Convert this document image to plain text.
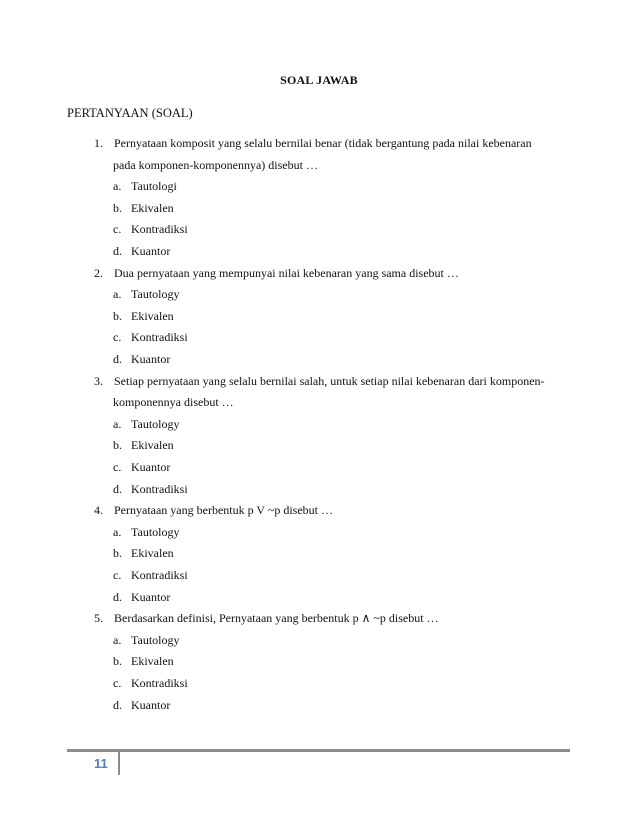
SOAL JAWAB
PERTANYAAN (SOAL)
1. Pernyataan komposit yang selalu bernilai benar (tidak bergantung pada nilai kebenaran
pada komponen-komponennya) disebut …
a. Tautologi
b. Ekivalen
c. Kontradiksi
d. Kuantor
2. Dua pernyataan yang mempunyai nilai kebenaran yang sama disebut …
a. Tautology
b. Ekivalen
c. Kontradiksi
d. Kuantor
3. Setiap pernyataan yang selalu bernilai salah, untuk setiap nilai kebenaran dari komponen-
komponennya disebut …
a. Tautology
b. Ekivalen
c. Kuantor
d. Kontradiksi
4. Pernyataan yang berbentuk p V ~p disebut …
a. Tautology
b. Ekivalen
c. Kontradiksi
d. Kuantor
5. Berdasarkan definisi, Pernyataan yang berbentuk p ∧ ~p disebut …
a. Tautology
b. Ekivalen
c. Kontradiksi
d. Kuantor
11
